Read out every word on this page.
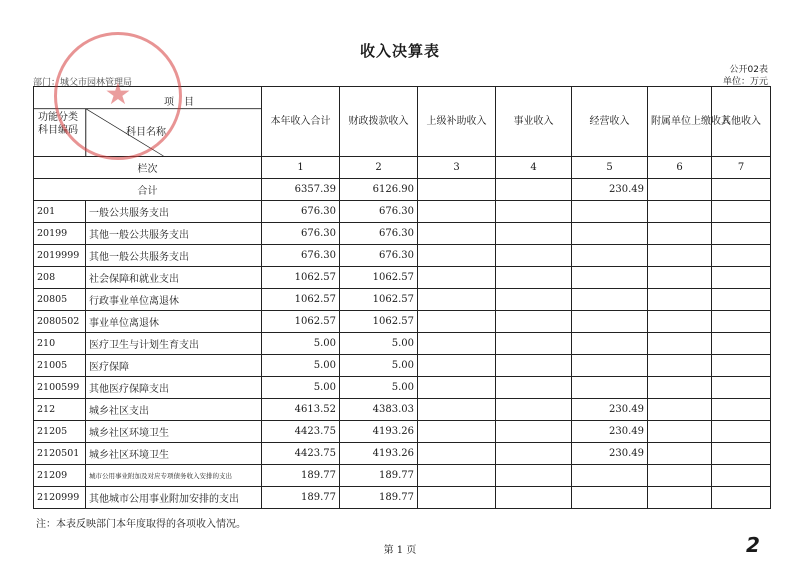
收入决算表
公开02表
单位：万元
部门：城父市园林管理局
项　目
功能分类科目编码 科目名称		本年收入合计	财政拨款收入	上级补助收入	事业收入	经营收入	附属单位上缴收入	其他收入
栏次		1	2	3	4	5	6	7
合计		6357.39	6126.90			230.49		
201	一般公共服务支出	676.30	676.30					
20199	其他一般公共服务支出	676.30	676.30					
2019999	其他一般公共服务支出	676.30	676.30					
208	社会保障和就业支出	1062.57	1062.57					
20805	行政事业单位离退休	1062.57	1062.57					
2080502	事业单位离退休	1062.57	1062.57					
210	医疗卫生与计划生育支出	5.00	5.00					
21005	医疗保障	5.00	5.00					
2100599	其他医疗保障支出	5.00	5.00					
212	城乡社区支出	4613.52	4383.03			230.49		
21205	城乡社区环境卫生	4423.75	4193.26			230.49		
2120501	城乡社区环境卫生	4423.75	4193.26			230.49		
21209	城市公用事业附加及对应专项债务收入安排的支出	189.77	189.77					
2120999	其他城市公用事业附加安排的支出	189.77	189.77					
★
注：本表反映部门本年度取得的各项收入情况。
第 1 页	2
